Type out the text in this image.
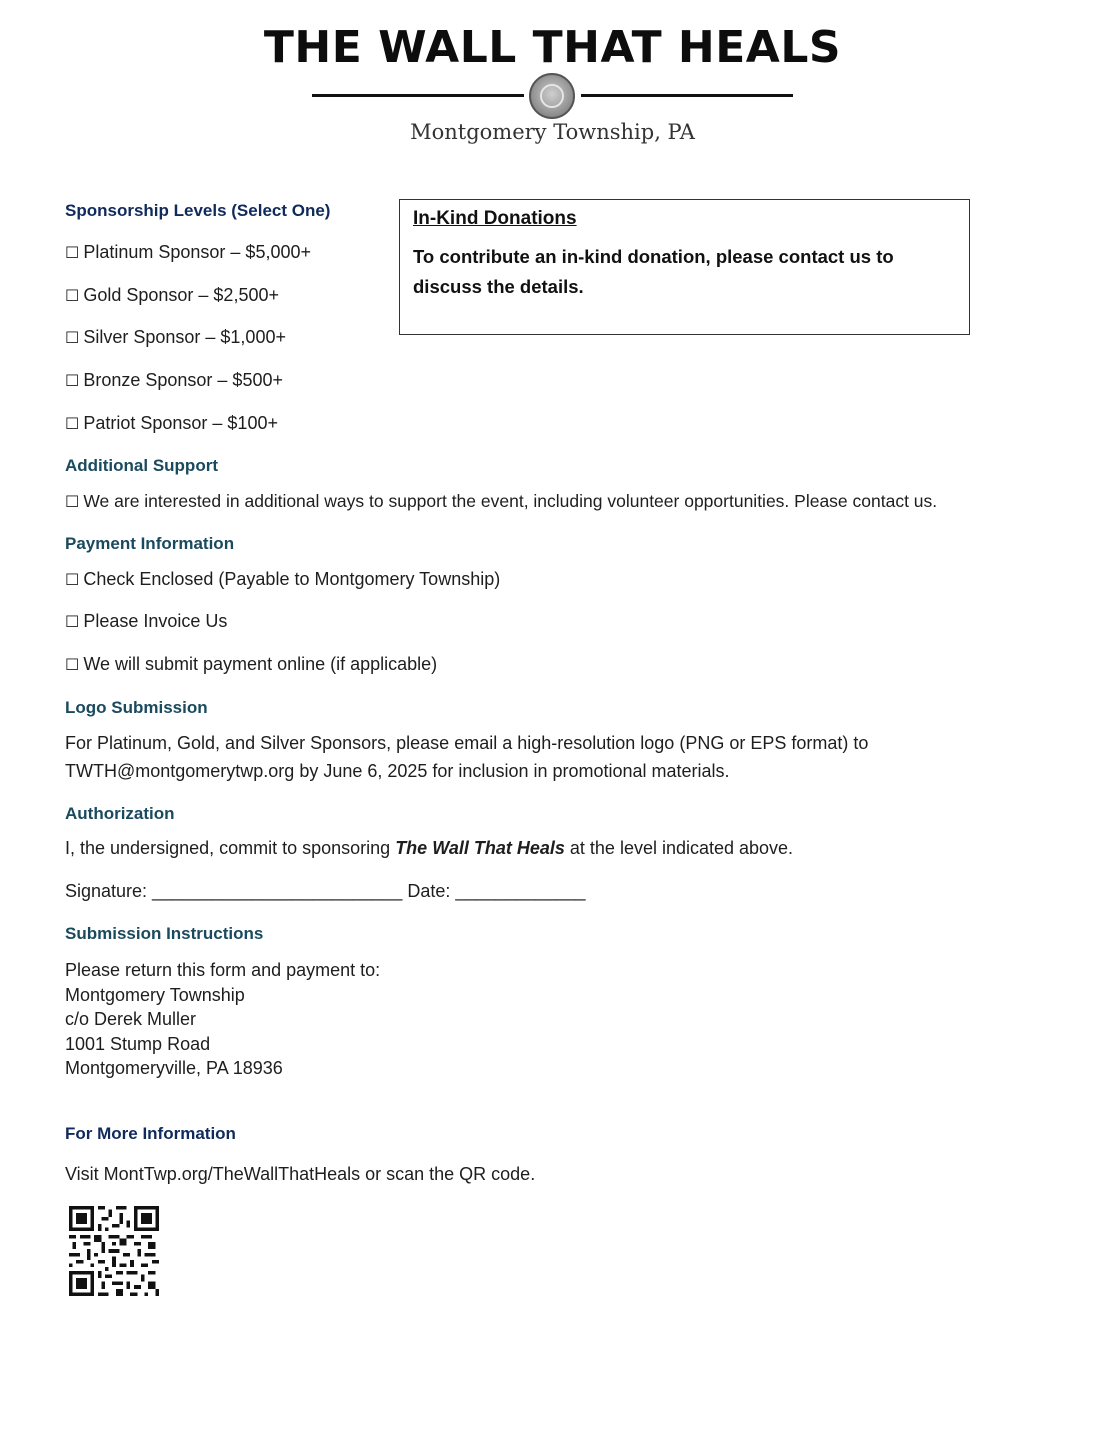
THE WALL THAT HEALS
Montgomery Township, PA
Sponsorship Levels (Select One)
☐ Platinum Sponsor – $5,000+
☐ Gold Sponsor – $2,500+
☐ Silver Sponsor – $1,000+
☐ Bronze Sponsor – $500+
☐ Patriot Sponsor – $100+
In-Kind Donations
To contribute an in-kind donation, please contact us to discuss the details.
Additional Support
☐ We are interested in additional ways to support the event, including volunteer opportunities. Please contact us.
Payment Information
☐ Check Enclosed (Payable to Montgomery Township)
☐ Please Invoice Us
☐ We will submit payment online (if applicable)
Logo Submission
For Platinum, Gold, and Silver Sponsors, please email a high-resolution logo (PNG or EPS format) to TWTH@montgomerytwp.org by June 6, 2025 for inclusion in promotional materials.
Authorization
I, the undersigned, commit to sponsoring The Wall That Heals at the level indicated above.
Signature: _________________________ Date: _____________
Submission Instructions
Please return this form and payment to:
Montgomery Township
c/o Derek Muller
1001 Stump Road
Montgomeryville, PA 18936
For More Information
Visit MontTwp.org/TheWallThatHeals or scan the QR code.
